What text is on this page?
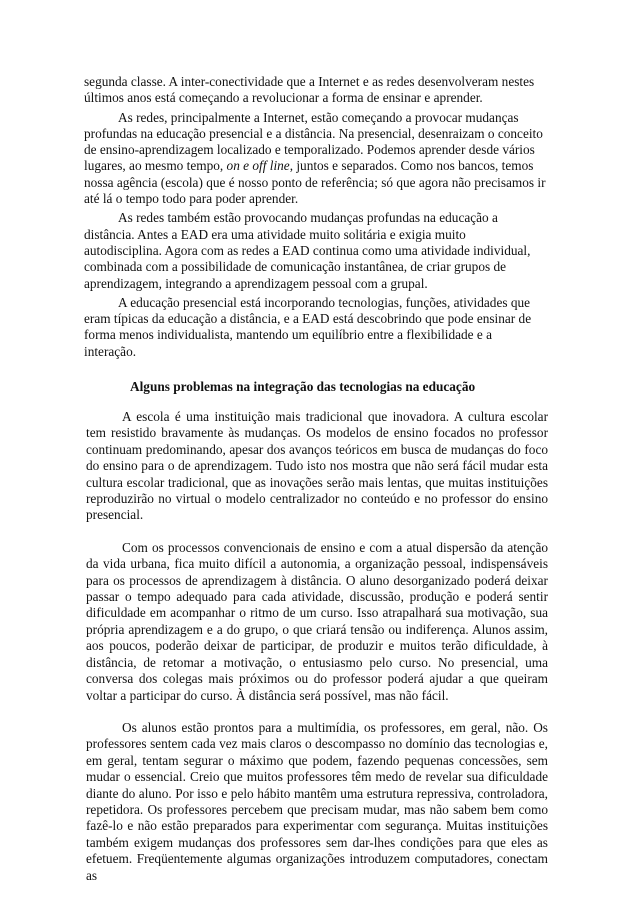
segunda classe. A inter-conectividade que a Internet e as redes desenvolveram nestes últimos anos está começando a revolucionar a forma de ensinar e aprender.

As redes, principalmente a Internet, estão começando a provocar mudanças profundas na educação presencial e a distância. Na presencial, desenraizam o conceito de ensino-aprendizagem localizado e temporalizado. Podemos aprender desde vários lugares, ao mesmo tempo, on e off line, juntos e separados. Como nos bancos, temos nossa agência (escola) que é nosso ponto de referência; só que agora não precisamos ir até lá o tempo todo para poder aprender.

As redes também estão provocando mudanças profundas na educação a distância. Antes a EAD era uma atividade muito solitária e exigia muito autodisciplina. Agora com as redes a EAD continua como uma atividade individual, combinada com a possibilidade de comunicação instantânea, de criar grupos de aprendizagem, integrando a aprendizagem pessoal com a grupal.

A educação presencial está incorporando tecnologias, funções, atividades que eram típicas da educação a distância, e a EAD está descobrindo que pode ensinar de forma menos individualista, mantendo um equilíbrio entre a flexibilidade e a interação.

Alguns problemas na integração das tecnologias na educação

A escola é uma instituição mais tradicional que inovadora. A cultura escolar tem resistido bravamente às mudanças. Os modelos de ensino focados no professor continuam predominando, apesar dos avanços teóricos em busca de mudanças do foco do ensino para o de aprendizagem. Tudo isto nos mostra que não será fácil mudar esta cultura escolar tradicional, que as inovações serão mais lentas, que muitas instituições reproduzirão no virtual o modelo centralizador no conteúdo e no professor do ensino presencial.

Com os processos convencionais de ensino e com a atual dispersão da atenção da vida urbana, fica muito difícil a autonomia, a organização pessoal, indispensáveis para os processos de aprendizagem à distância. O aluno desorganizado poderá deixar passar o tempo adequado para cada atividade, discussão, produção e poderá sentir dificuldade em acompanhar o ritmo de um curso. Isso atrapalhará sua motivação, sua própria aprendizagem e a do grupo, o que criará tensão ou indiferença. Alunos assim, aos poucos, poderão deixar de participar, de produzir e muitos terão dificuldade, à distância, de retomar a motivação, o entusiasmo pelo curso. No presencial, uma conversa dos colegas mais próximos ou do professor poderá ajudar a que queiram voltar a participar do curso. À distância será possível, mas não fácil.

Os alunos estão prontos para a multimídia, os professores, em geral, não. Os professores sentem cada vez mais claros o descompasso no domínio das tecnologias e, em geral, tentam segurar o máximo que podem, fazendo pequenas concessões, sem mudar o essencial. Creio que muitos professores têm medo de revelar sua dificuldade diante do aluno. Por isso e pelo hábito mantêm uma estrutura repressiva, controladora, repetidora. Os professores percebem que precisam mudar, mas não sabem bem como fazê-lo e não estão preparados para experimentar com segurança. Muitas instituições também exigem mudanças dos professores sem dar-lhes condições para que eles as efetuem. Freqüentemente algumas organizações introduzem computadores, conectam as
